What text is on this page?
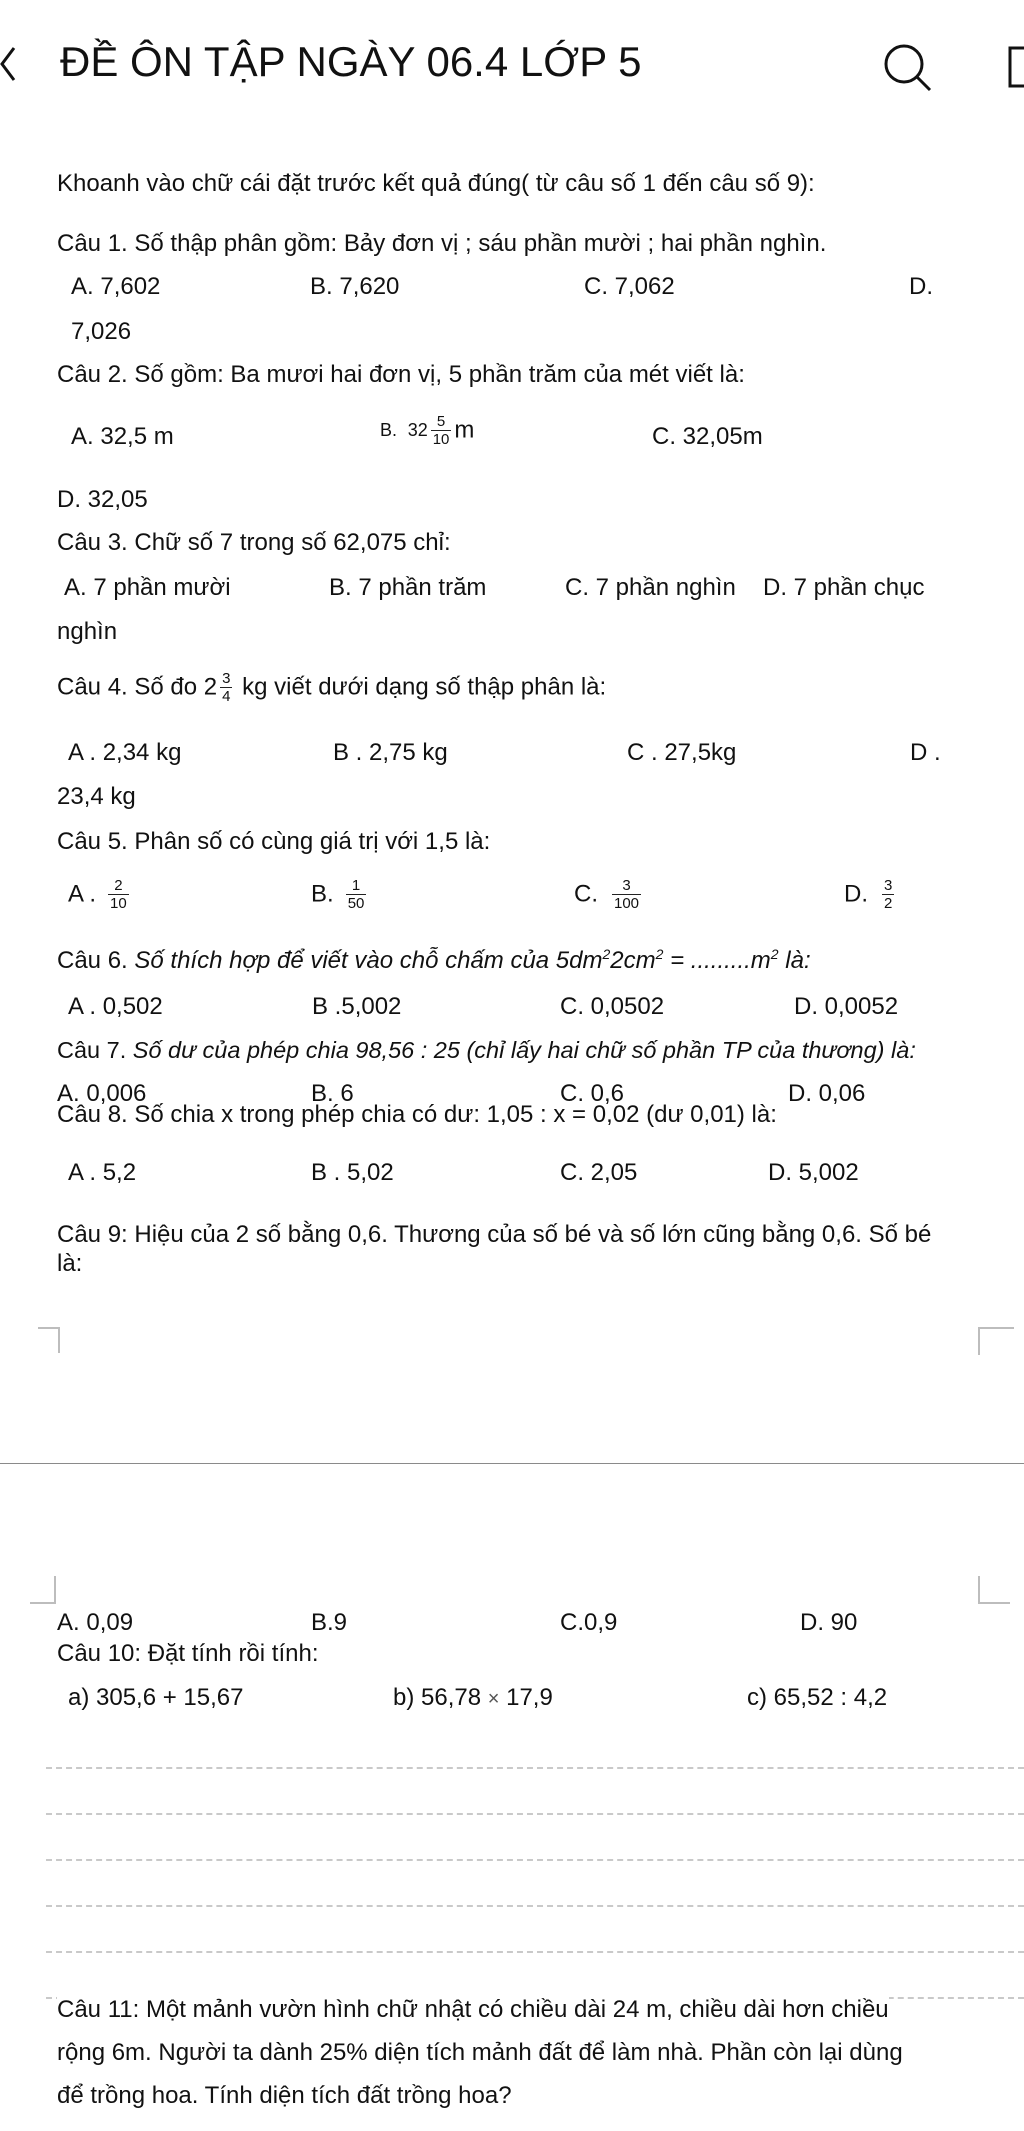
ĐỀ ÔN TẬP NGÀY 06.4 LỚP 5
Khoanh vào chữ cái đặt trước kết quả đúng( từ câu số 1 đến câu số 9):
Câu 1. Số thập phân gồm: Bảy đơn vị ; sáu phần mười ; hai phần nghìn.
A. 7,602	B. 7,620	C. 7,062	D.
7,026
Câu 2. Số gồm: Ba mươi hai đơn vị, 5 phần trăm của mét viết là:
A. 32,5 m	B. $32 \frac{5}{10}$ m	C. 32,05m
D. 32,05
Câu 3. Chữ số 7 trong số 62,075 chỉ:
A. 7 phần mười	B. 7 phần trăm	C. 7 phần nghìn D. 7 phần chục
nghìn
Câu 4. Số đo $2 \frac{3}{4}$ kg viết dưới dạng số thập phân là:
A . 2,34 kg	B . 2,75 kg	C . 27,5kg	D .
23,4 kg
Câu 5. Phân số có cùng giá trị với 1,5 là:
A . $\frac{2}{10}$	B. $\frac{1}{50}$	C. $\frac{3}{100}$	D. $\frac{3}{2}$
Câu 6. Số thích hợp để viết vào chỗ chấm của $5dm^22cm^2 = .........m^2$ là:
A . 0,502	B .5,002	C. 0,0502	D. 0,0052
Câu 7. Số dư của phép chia 98,56 : 25 (chỉ lấy hai chữ số phần TP của thương) là:
A. 0,006	B. 6	C. 0,6	D. 0,06
Câu 8. Số chia x trong phép chia có dư: 1,05 : x = 0,02 (dư 0,01) là:
A . 5,2	B . 5,02	C. 2,05	D. 5,002
Câu 9: Hiệu của 2 số bằng 0,6. Thương của số bé và số lớn cũng bằng 0,6. Số bé
là:
A. 0,09	B.9	C.0,9	D. 90
Câu 10: Đặt tính rồi tính:
a) 305,6 + 15,67	b) 56,78 × 17,9	c) 65,52 : 4,2
Câu 11: Một mảnh vườn hình chữ nhật có chiều dài 24 m, chiều dài hơn chiều
rộng 6m. Người ta dành 25% diện tích mảnh đất để làm nhà. Phần còn lại dùng
để trồng hoa. Tính diện tích đất trồng hoa?
